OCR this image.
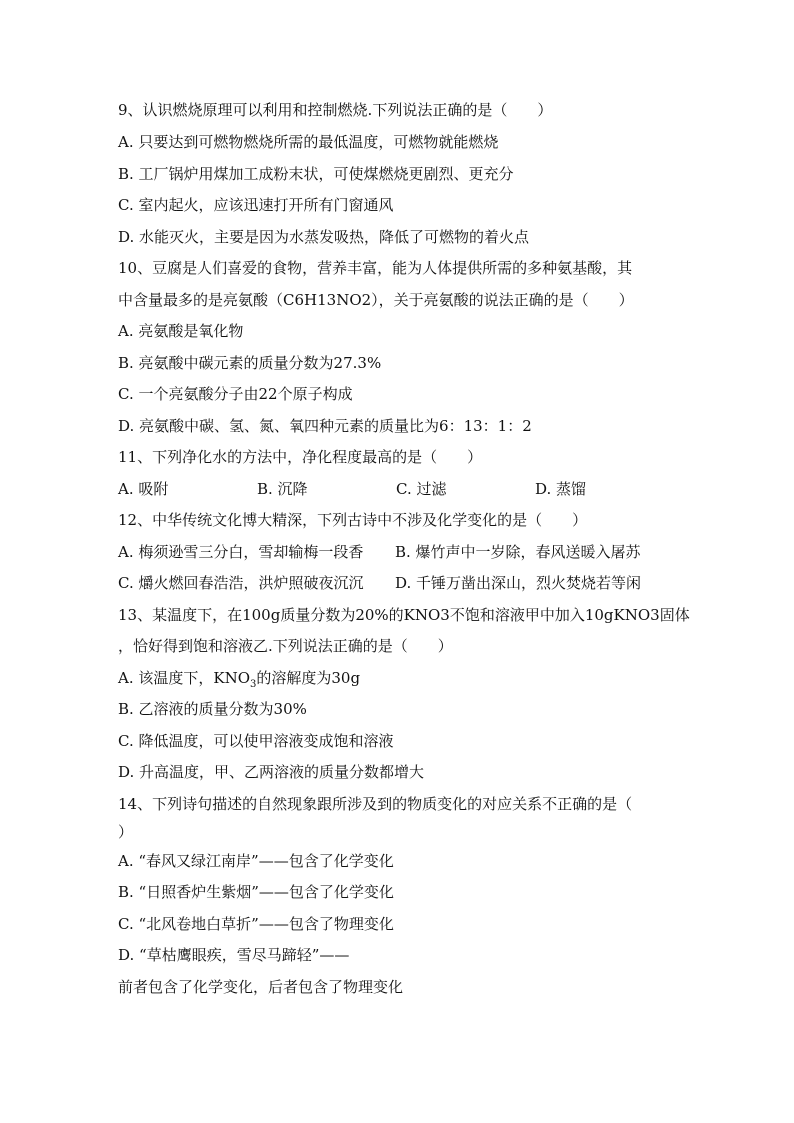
9、认识燃烧原理可以利用和控制燃烧.下列说法正确的是（　　）
A. 只要达到可燃物燃烧所需的最低温度，可燃物就能燃烧
B. 工厂锅炉用煤加工成粉末状，可使煤燃烧更剧烈、更充分
C. 室内起火，应该迅速打开所有门窗通风
D. 水能灭火，主要是因为水蒸发吸热，降低了可燃物的着火点
10、豆腐是人们喜爱的食物，营养丰富，能为人体提供所需的多种氨基酸，其
中含量最多的是亮氨酸（C6H13NO2），关于亮氨酸的说法正确的是（　　）
A. 亮氨酸是氧化物
B. 亮氨酸中碳元素的质量分数为27.3%
C. 一个亮氨酸分子由22个原子构成
D. 亮氨酸中碳、氢、氮、氧四种元素的质量比为6：13：1：2
11、下列净化水的方法中，净化程度最高的是（　　）
A. 吸附	B. 沉降	C. 过滤	D. 蒸馏
12、中华传统文化博大精深，下列古诗中不涉及化学变化的是（　　）
A. 梅须逊雪三分白，雪却输梅一段香 B. 爆竹声中一岁除，春风送暖入屠苏
C. 爝火燃回春浩浩，洪炉照破夜沉沉 D. 千锤万凿出深山，烈火焚烧若等闲
13、某温度下，在100g质量分数为20%的KNO3不饱和溶液甲中加入10gKNO3固体
，恰好得到饱和溶液乙.下列说法正确的是（　　）
A. 该温度下，$KNO_3$的溶解度为30g
B. 乙溶液的质量分数为30%
C. 降低温度，可以使甲溶液变成饱和溶液
D. 升高温度，甲、乙两溶液的质量分数都增大
14、下列诗句描述的自然现象跟所涉及到的物质变化的对应关系不正确的是（
）
A. “春风又绿江南岸”——包含了化学变化
B. “日照香炉生紫烟”——包含了化学变化
C. “北风卷地白草折”——包含了物理变化
D. “草枯鹰眼疾，雪尽马蹄轻”——
前者包含了化学变化，后者包含了物理变化
